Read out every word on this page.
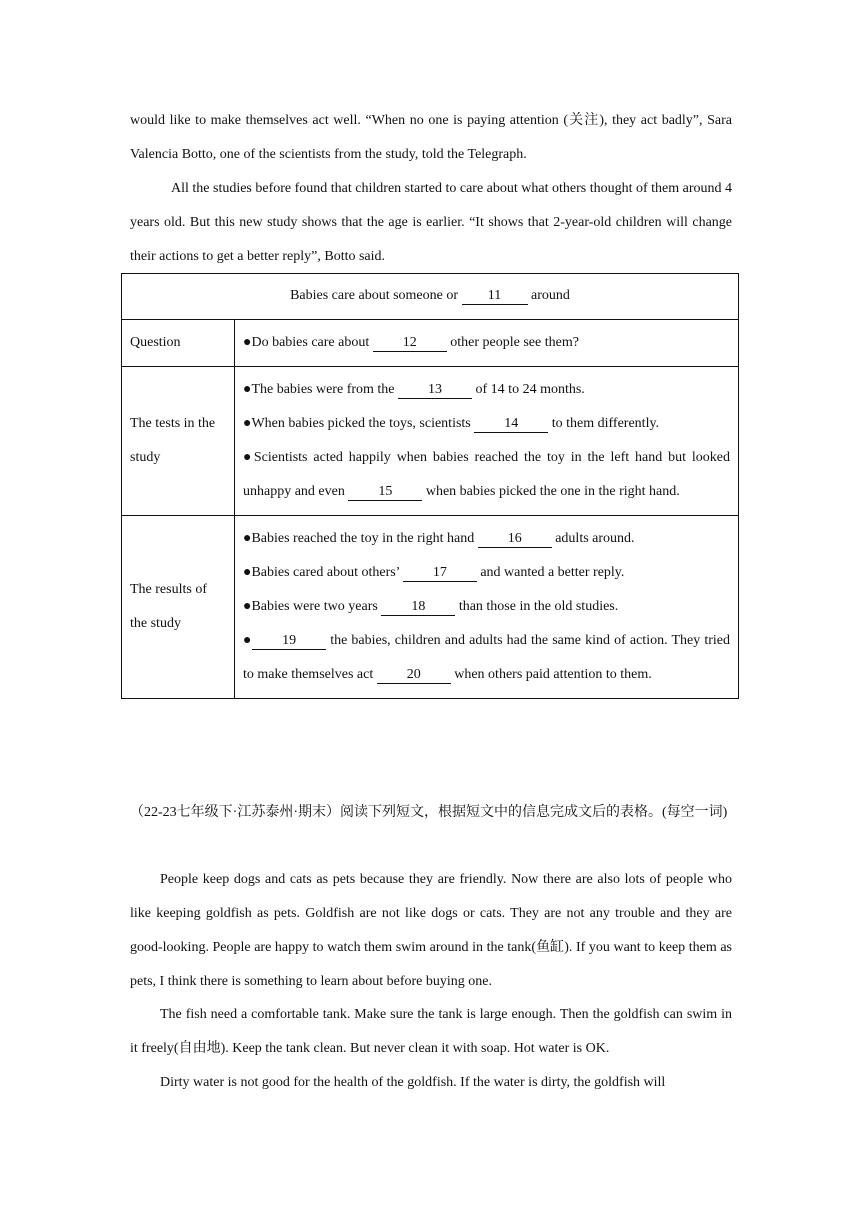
would like to make themselves act well. “When no one is paying attention (关注), they act badly”, Sara Valencia Botto, one of the scientists from the study, told the Telegraph.
All the studies before found that children started to care about what others thought of them around 4 years old. But this new study shows that the age is earlier. “It shows that 2-year-old children will change their actions to get a better reply”, Botto said.
Babies care about someone or 11 around	
Question	●Do babies care about 12 other people see them?

The tests in the study	●The babies were from the 13 of 14 to 24 months.
●When babies picked the toys, scientists 14 to them differently.
●Scientists acted happily when babies reached the toy in the left hand but looked unhappy and even 15 when babies picked the one in the right hand.

The results of the study	●Babies reached the toy in the right hand 16 adults around.
●Babies cared about others’ 17 and wanted a better reply.
●Babies were two years 18 than those in the old studies.
● 19 the babies, children and adults had the same kind of action. They tried to make themselves act 20 when others paid attention to them.
（22-23七年级下·江苏泰州·期末）阅读下列短文，根据短文中的信息完成文后的表格。(每空一词)
People keep dogs and cats as pets because they are friendly. Now there are also lots of people who like keeping goldfish as pets. Goldfish are not like dogs or cats. They are not any trouble and they are good-looking. People are happy to watch them swim around in the tank(鱼缸). If you want to keep them as pets, I think there is something to learn about before buying one.
The fish need a comfortable tank. Make sure the tank is large enough. Then the goldfish can swim in it freely(自由地). Keep the tank clean. But never clean it with soap. Hot water is OK.
Dirty water is not good for the health of the goldfish. If the water is dirty, the goldfish will
